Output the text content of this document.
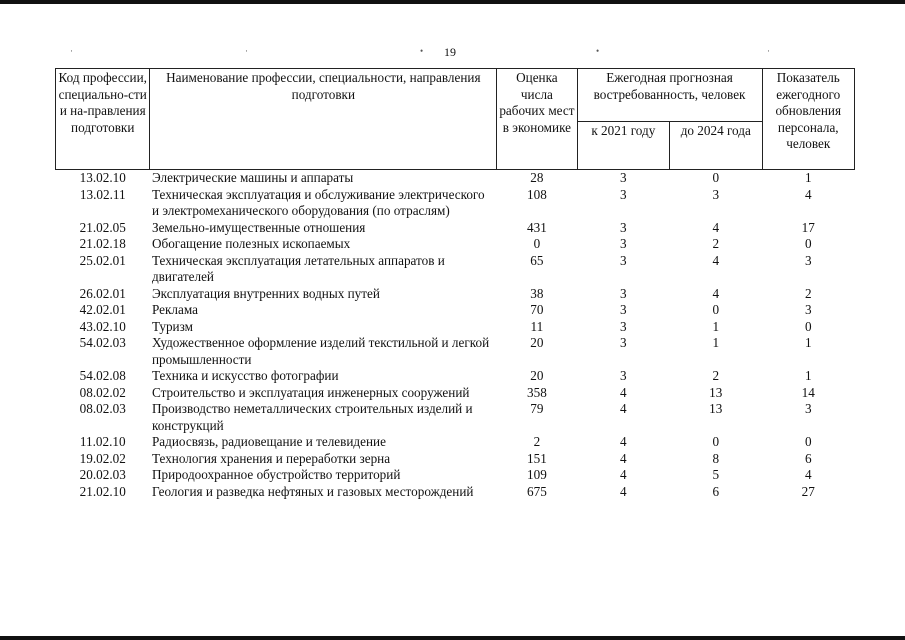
·	·	•	•	·
19
Код профессии, специально-сти и на-правления подготовки	Наименование профессии, специальности, направления подготовки	Оценка числа рабочих мест в экономике	Ежегодная прогнозная востребованность, человек		Показатель ежегодного обновления персонала, человек
			к 2021 году	до 2024 года	
13.02.10	Электрические машины и аппараты	28	3	0	1
13.02.11	Техническая эксплуатация и обслуживание электрического и электромеханического оборудования (по отраслям)	108	3	3	4
21.02.05	Земельно-имущественные отношения	431	3	4	17
21.02.18	Обогащение полезных ископаемых	0	3	2	0
25.02.01	Техническая эксплуатация летательных аппаратов и двигателей	65	3	4	3
26.02.01	Эксплуатация внутренних водных путей	38	3	4	2
42.02.01	Реклама	70	3	0	3
43.02.10	Туризм	11	3	1	0
54.02.03	Художественное оформление изделий текстильной и легкой промышленности	20	3	1	1
54.02.08	Техника и искусство фотографии	20	3	2	1
08.02.02	Строительство и эксплуатация инженерных сооружений	358	4	13	14
08.02.03	Производство неметаллических строительных изделий и конструкций	79	4	13	3
11.02.10	Радиосвязь, радиовещание и телевидение	2	4	0	0
19.02.02	Технология хранения и переработки зерна	151	4	8	6
20.02.03	Природоохранное обустройство территорий	109	4	5	4
21.02.10	Геология и разведка нефтяных и газовых месторождений	675	4	6	27
